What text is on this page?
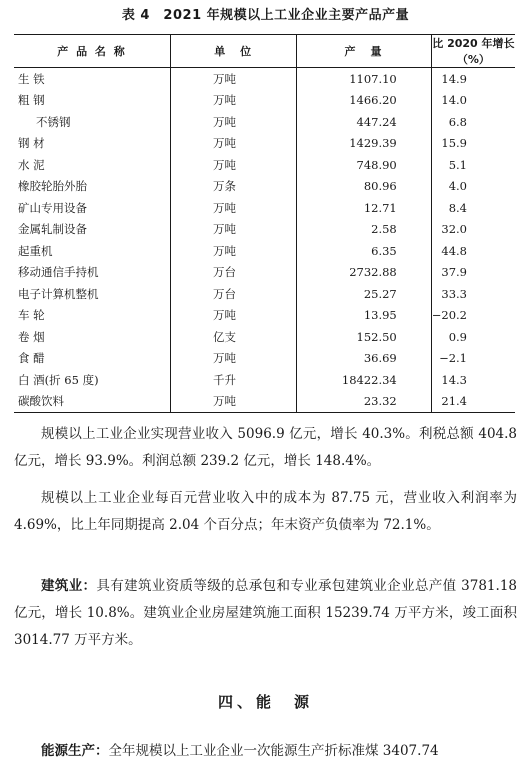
表 4　2021 年规模以上工业企业主要产品产量
产 品 名 称	单　位	产　量	比 2020 年增长（%）
生 铁	万吨	1107.10	14.9
粗 钢	万吨	1466.20	14.0
不锈钢	万吨	447.24	6.8
钢 材	万吨	1429.39	15.9
水 泥	万吨	748.90	5.1
橡胶轮胎外胎	万条	80.96	4.0
矿山专用设备	万吨	12.71	8.4
金属轧制设备	万吨	2.58	32.0
起重机	万吨	6.35	44.8
移动通信手持机	万台	2732.88	37.9
电子计算机整机	万台	25.27	33.3
车 轮	万吨	13.95	−20.2
卷 烟	亿支	152.50	0.9
食 醋	万吨	36.69	−2.1
白 酒(折 65 度)	千升	18422.34	14.3
碳酸饮料	万吨	23.32	21.4

规模以上工业企业实现营业收入 5096.9 亿元，增长 40.3%。利税总额 404.8 亿元，增长 93.9%。利润总额 239.2 亿元，增长 148.4%。

规模以上工业企业每百元营业收入中的成本为 87.75 元，营业收入利润率为 4.69%，比上年同期提高 2.04 个百分点；年末资产负债率为 72.1%。

建筑业：具有建筑业资质等级的总承包和专业承包建筑业企业总产值 3781.18 亿元，增长 10.8%。建筑业企业房屋建筑施工面积 15239.74 万平方米，竣工面积 3014.77 万平方米。

四、能　源

能源生产：全年规模以上工业企业一次能源生产折标准煤 3407.74
